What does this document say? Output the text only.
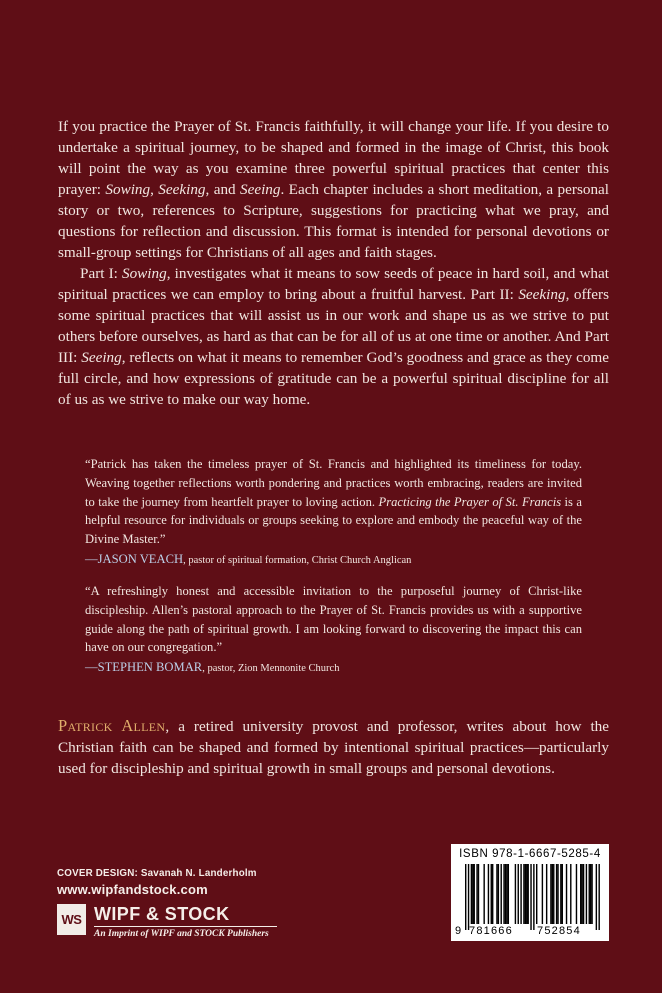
If you practice the Prayer of St. Francis faithfully, it will change your life. If you desire to undertake a spiritual journey, to be shaped and formed in the image of Christ, this book will point the way as you examine three powerful spiritual practices that center this prayer: Sowing, Seeking, and Seeing. Each chapter includes a short meditation, a personal story or two, references to Scripture, suggestions for practicing what we pray, and questions for reflection and discussion. This format is intended for personal devotions or small-group settings for Christians of all ages and faith stages.

Part I: Sowing, investigates what it means to sow seeds of peace in hard soil, and what spiritual practices we can employ to bring about a fruitful harvest. Part II: Seeking, offers some spiritual practices that will assist us in our work and shape us as we strive to put others before ourselves, as hard as that can be for all of us at one time or another. And Part III: Seeing, reflects on what it means to remember God’s goodness and grace as they come full circle, and how expressions of gratitude can be a powerful spiritual discipline for all of us as we strive to make our way home.

“Patrick has taken the timeless prayer of St. Francis and highlighted its timeliness for today. Weaving together reflections worth pondering and practices worth embracing, readers are invited to take the journey from heartfelt prayer to loving action. Practicing the Prayer of St. Francis is a helpful resource for individuals or groups seeking to explore and embody the peaceful way of the Divine Master.”

—JASON VEACH, pastor of spiritual formation, Christ Church Anglican

“A refreshingly honest and accessible invitation to the purposeful journey of Christ-like discipleship. Allen’s pastoral approach to the Prayer of St. Francis provides us with a supportive guide along the path of spiritual growth. I am looking forward to discovering the impact this can have on our congregation.”

—STEPHEN BOMAR, pastor, Zion Mennonite Church

Patrick Allen, a retired university provost and professor, writes about how the Christian faith can be shaped and formed by intentional spiritual practices—particularly used for discipleship and spiritual growth in small groups and personal devotions.

COVER DESIGN: Savanah N. Landerholm
www.wipfandstock.com
WS WIPF & STOCK
An Imprint of WIPF and STOCK Publishers
ISBN 978-1-6667-5285-4
9 781666 752854
